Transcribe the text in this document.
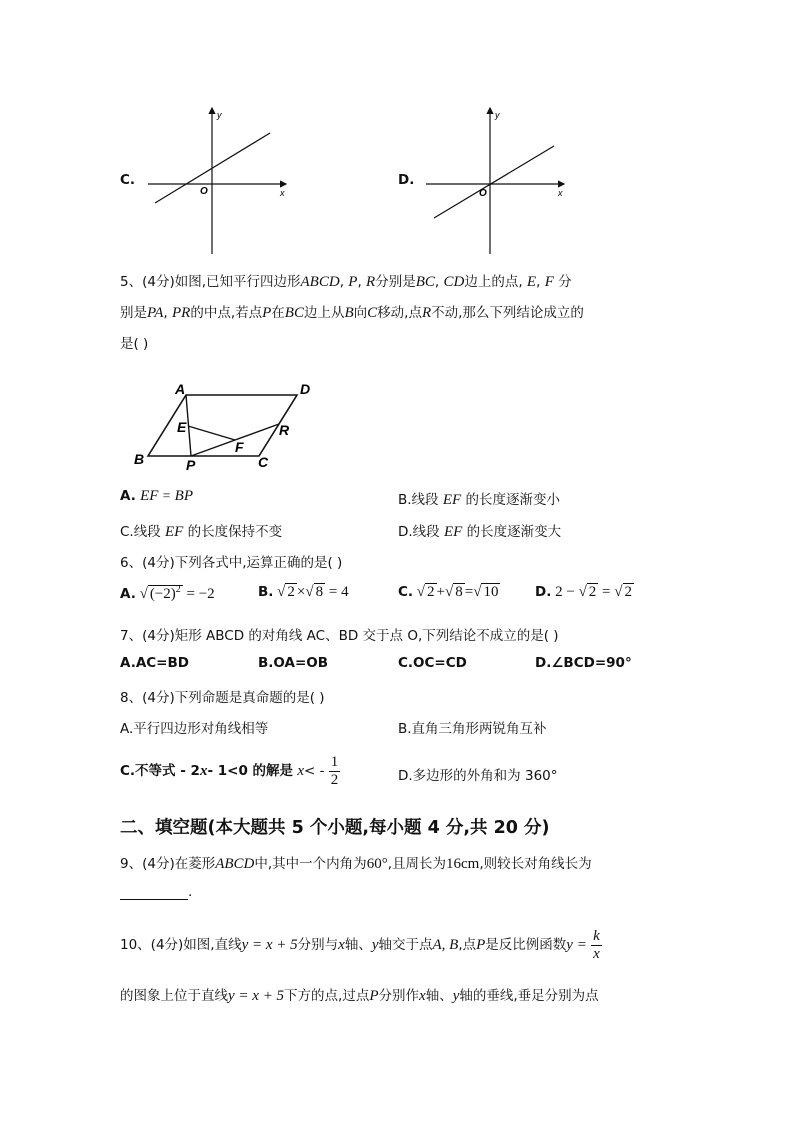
C.
y
x
O
D.
y
x
O
5、(4分)如图,已知平行四边形ABCD, P, R分别是BC, CD边上的点, E, F 分
别是PA, PR的中点,若点P在BC边上从B向C移动,点R不动,那么下列结论成立的
是( )
A	D
E
F
R
B	P	C
A. EF = BP	B.线段 EF 的长度逐渐变小
C.线段 EF 的长度保持不变	D.线段 EF 的长度逐渐变大
6、(4分)下列各式中,运算正确的是( )
A. √ $(-2)^2 = -2$	B. √ 2 ×√ 8 = 4	C. √ 2 +√ 8 =√ 10	D. 2 − √ 2 = √ 2
7、(4分)矩形 ABCD 的对角线 AC、BD 交于点 O,下列结论不成立的是( )
A.AC=BD	B.OA=OB	C.OC=CD	D.∠BCD=90°
8、(4分)下列命题是真命题的是( )
A.平行四边形对角线相等	B.直角三角形两锐角互补
C.不等式 - 2x- 1<0 的解是 $x< - \frac{1}{2}$	D.多边形的外角和为 360°
二、填空题(本大题共 5 个小题,每小题 4 分,共 20 分)
9、(4分)在菱形ABCD中,其中一个内角为60°,且周长为16cm,则较长对角线长为
.
10、(4分)如图,直线y = x + 5分别与x轴、y轴交于点A, B,点P是反比例函数$y = \frac{k}{x}$
的图象上位于直线y = x + 5下方的点,过点P分别作x轴、y轴的垂线,垂足分别为点
